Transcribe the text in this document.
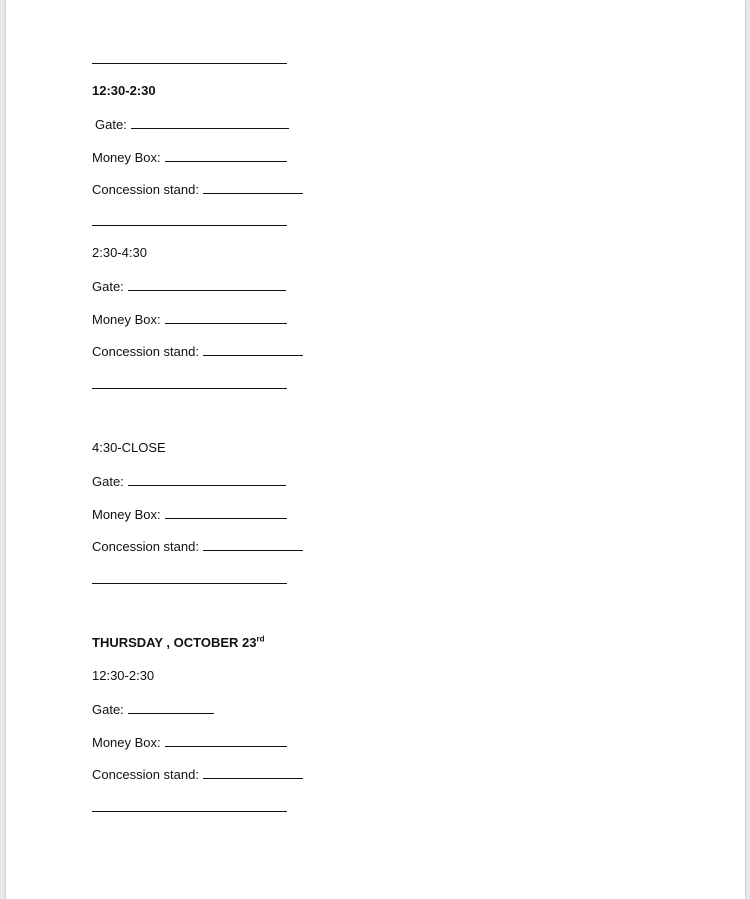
12:30-2:30
Gate:
Money Box:
Concession stand:
2:30-4:30
Gate:
Money Box:
Concession stand:
4:30-CLOSE
Gate:
Money Box:
Concession stand:
THURSDAY , OCTOBER 23rd
12:30-2:30
Gate:
Money Box:
Concession stand:
